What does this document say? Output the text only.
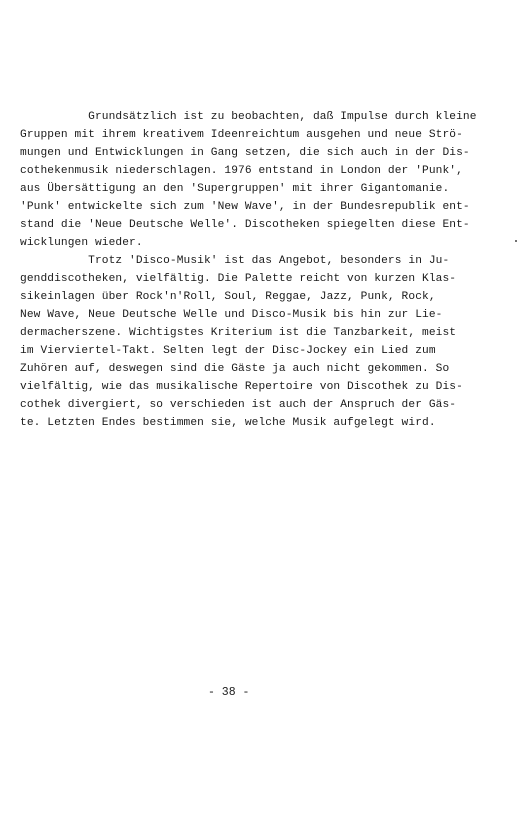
Grundsätzlich ist zu beobachten, daß Impulse durch kleine
Gruppen mit ihrem kreativem Ideenreichtum ausgehen und neue Strö-
mungen und Entwicklungen in Gang setzen, die sich auch in der Dis-
cothekenmusik niederschlagen. 1976 entstand in London der 'Punk',
aus Übersättigung an den 'Supergruppen' mit ihrer Gigantomanie.
'Punk' entwickelte sich zum 'New Wave', in der Bundesrepublik ent-
stand die 'Neue Deutsche Welle'. Discotheken spiegelten diese Ent-
wicklungen wieder.
Trotz 'Disco-Musik' ist das Angebot, besonders in Ju-
genddiscotheken, vielfältig. Die Palette reicht von kurzen Klas-
sikeinlagen über Rock'n'Roll, Soul, Reggae, Jazz, Punk, Rock,
New Wave, Neue Deutsche Welle und Disco-Musik bis hin zur Lie-
dermacherszene. Wichtigstes Kriterium ist die Tanzbarkeit, meist
im Vierviertel-Takt. Selten legt der Disc-Jockey ein Lied zum
Zuhören auf, deswegen sind die Gäste ja auch nicht gekommen. So
vielfältig, wie das musikalische Repertoire von Discothek zu Dis-
cothek divergiert, so verschieden ist auch der Anspruch der Gäs-
te. Letzten Endes bestimmen sie, welche Musik aufgelegt wird.
- 38 -
